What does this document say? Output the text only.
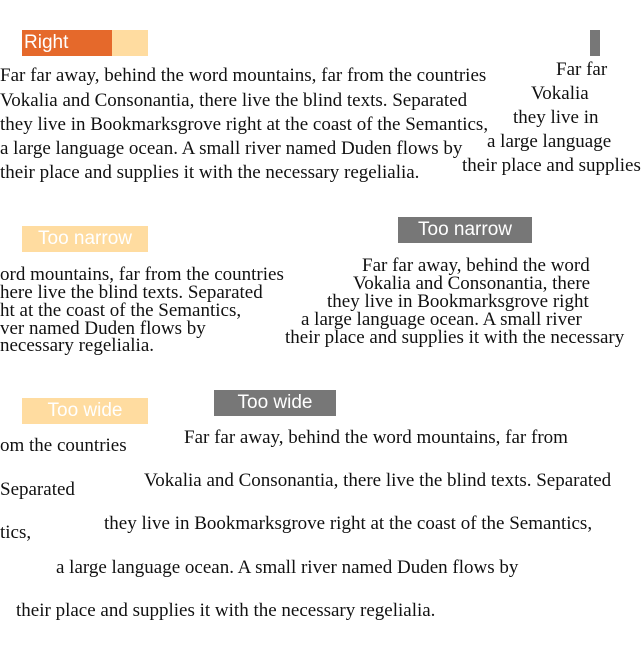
Right
Far far away, behind the word mountains, far from the countries
Vokalia and Consonantia, there live the blind texts. Separated
they live in Bookmarksgrove right at the coast of the Semantics,
a large language ocean. A small river named Duden flows by
their place and supplies it with the necessary regelialia.
Far far
Vokalia
they live in
a large language
their place and supplies
Too narrow	Too narrow
ord mountains, far from the countries
here live the blind texts. Separated
ht at the coast of the Semantics,
ver named Duden flows by
necessary regelialia.
Far far away, behind the word
Vokalia and Consonantia, there
they live in Bookmarksgrove right
a large language ocean. A small river
their place and supplies it with the necessary
Too wide	Too wide
om the countries
Separated
tics,
a large language ocean. A small river named Duden flows by
their place and supplies it with the necessary regelialia.
Far far away, behind the word mountains, far from
Vokalia and Consonantia, there live the blind texts. Separated
they live in Bookmarksgrove right at the coast of the Semantics,
